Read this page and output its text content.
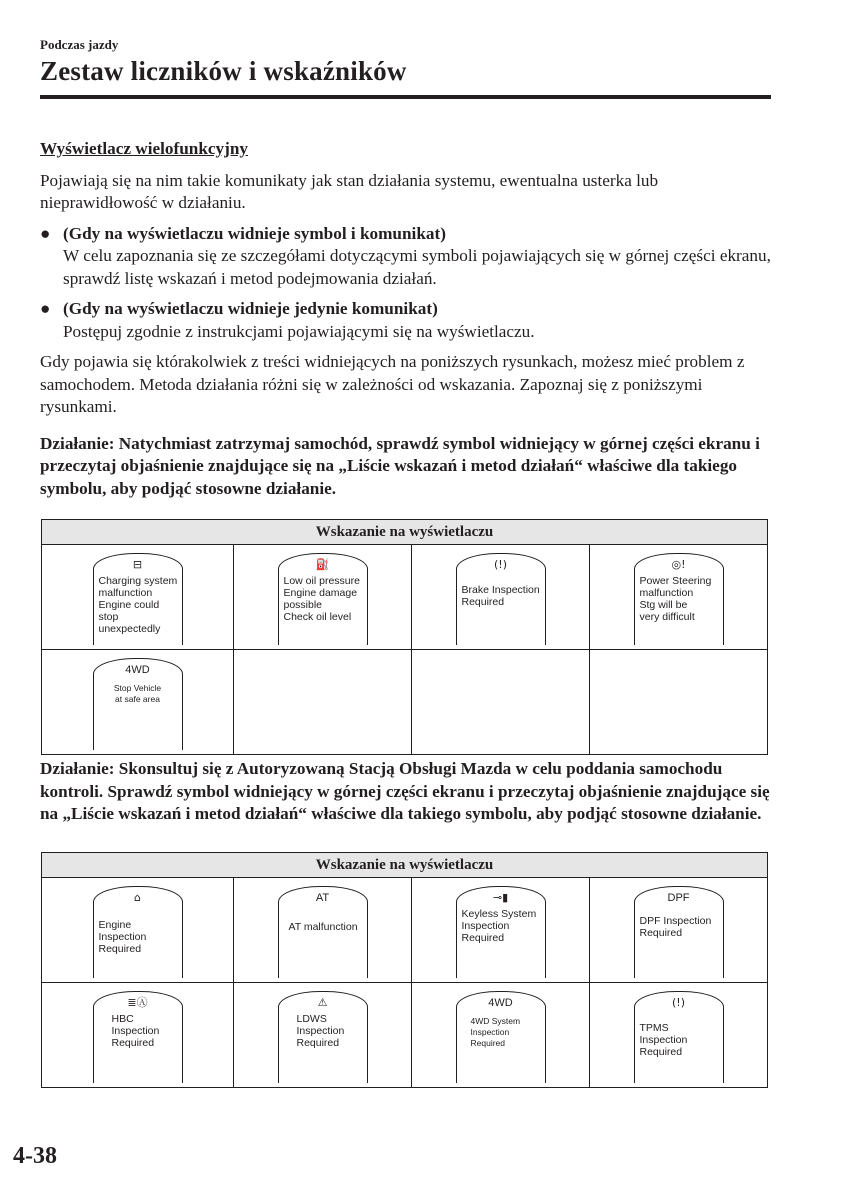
Podczas jazdy
Zestaw liczników i wskaźników

Wyświetlacz wielofunkcyjny

Pojawiają się na nim takie komunikaty jak stan działania systemu, ewentualna usterka lub nieprawidłowość w działaniu.

● (Gdy na wyświetlaczu widnieje symbol i komunikat)
W celu zapoznania się ze szczegółami dotyczącymi symboli pojawiających się w górnej części ekranu, sprawdź listę wskazań i metod podejmowania działań.
● (Gdy na wyświetlaczu widnieje jedynie komunikat)
Postępuj zgodnie z instrukcjami pojawiającymi się na wyświetlaczu.

Gdy pojawia się którakolwiek z treści widniejących na poniższych rysunkach, możesz mieć problem z samochodem. Metoda działania różni się w zależności od wskazania. Zapoznaj się z poniższymi rysunkami.

Działanie: Natychmiast zatrzymaj samochód, sprawdź symbol widniejący w górnej części ekranu i przeczytaj objaśnienie znajdujące się na „Liście wskazań i metod działań“ właściwe dla takiego symbolu, aby podjąć stosowne działanie.

Wskazanie na wyświetlaczu
⊟
Charging system
malfunction
Engine could
stop unexpectedly
⛽
Low oil pressure
Engine damage
possible
Check oil level
(!)
Brake Inspection
Required
◎!
Power Steering
malfunction
Stg will be
very difficult
4WD
Stop Vehicle
at safe area

Działanie: Skonsultuj się z Autoryzowaną Stacją Obsługi Mazda w celu poddania samochodu kontroli. Sprawdź symbol widniejący w górnej części ekranu i przeczytaj objaśnienie znajdujące się na „Liście wskazań i metod działań“ właściwe dla takiego symbolu, aby podjąć stosowne działanie.

Wskazanie na wyświetlaczu
⌂
Engine Inspection
Required
AT
AT malfunction
⊸▮
Keyless System
Inspection
Required
DPF
DPF Inspection
Required
≣Ⓐ
HBC
Inspection
Required
⚠
LDWS
Inspection
Required
4WD
4WD System
Inspection
Required
(!)
TPMS Inspection
Required
4-38
